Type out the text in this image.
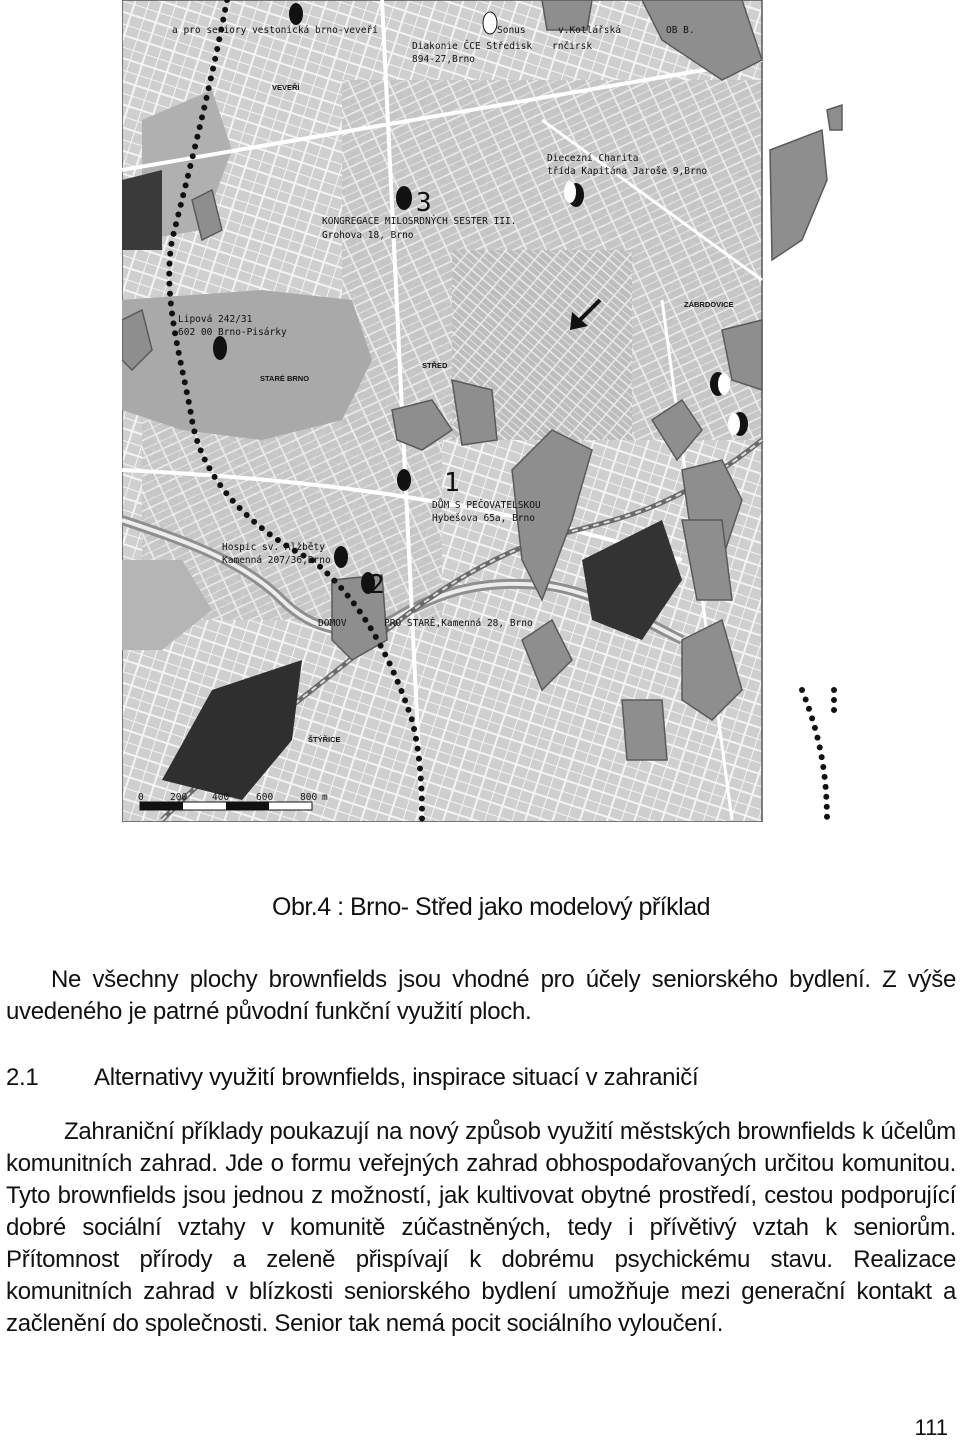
a pro seniory vestonická brno-veveří	Sonus	v.Kotlářská	OB B.
Diakonie ČCE Středisk
894-27,Brno
rnčirsk
VEVEŘÍ
Diecezní Charita
třída Kapitána Jaroše 9,Brno
3
KONGREGACE MILOSRDNÝCH SESTER III.
Grohova 18, Brno
ZÁBRDOVICE
Lipová 242/31
602 00 Brno-Pisárky
STŘED
STARÉ BRNO
1
DŮM S PEČOVATELSKOU
Hybešova 65a, Brno
Hospic sv. Alžběty
Kamenná 207/36,Brno
2
DOMOV	PRO STARÉ,Kamenná 28, Brno
ŠTÝŘICE
0	200	400	600	800 m
Obr.4 : Brno- Střed jako modelový příklad
Ne všechny plochy brownfields jsou vhodné pro účely seniorského bydlení. Z výše uvedeného je patrné původní funkční využití ploch.
2.1 Alternativy využití brownfields, inspirace situací v zahraničí
Zahraniční příklady poukazují na nový způsob využití městských brownfields k účelům komunitních zahrad. Jde o formu veřejných zahrad obhospodařovaných určitou komunitou. Tyto brownfields jsou jednou z možností, jak kultivovat obytné prostředí, cestou podporující dobré sociální vztahy v komunitě zúčastněných, tedy i přívětivý vztah k seniorům. Přítomnost přírody a zeleně přispívají k dobrému psychickému stavu. Realizace komunitních zahrad v blízkosti seniorského bydlení umožňuje mezi generační kontakt a začlenění do společnosti. Senior tak nemá pocit sociálního vyloučení.
111
